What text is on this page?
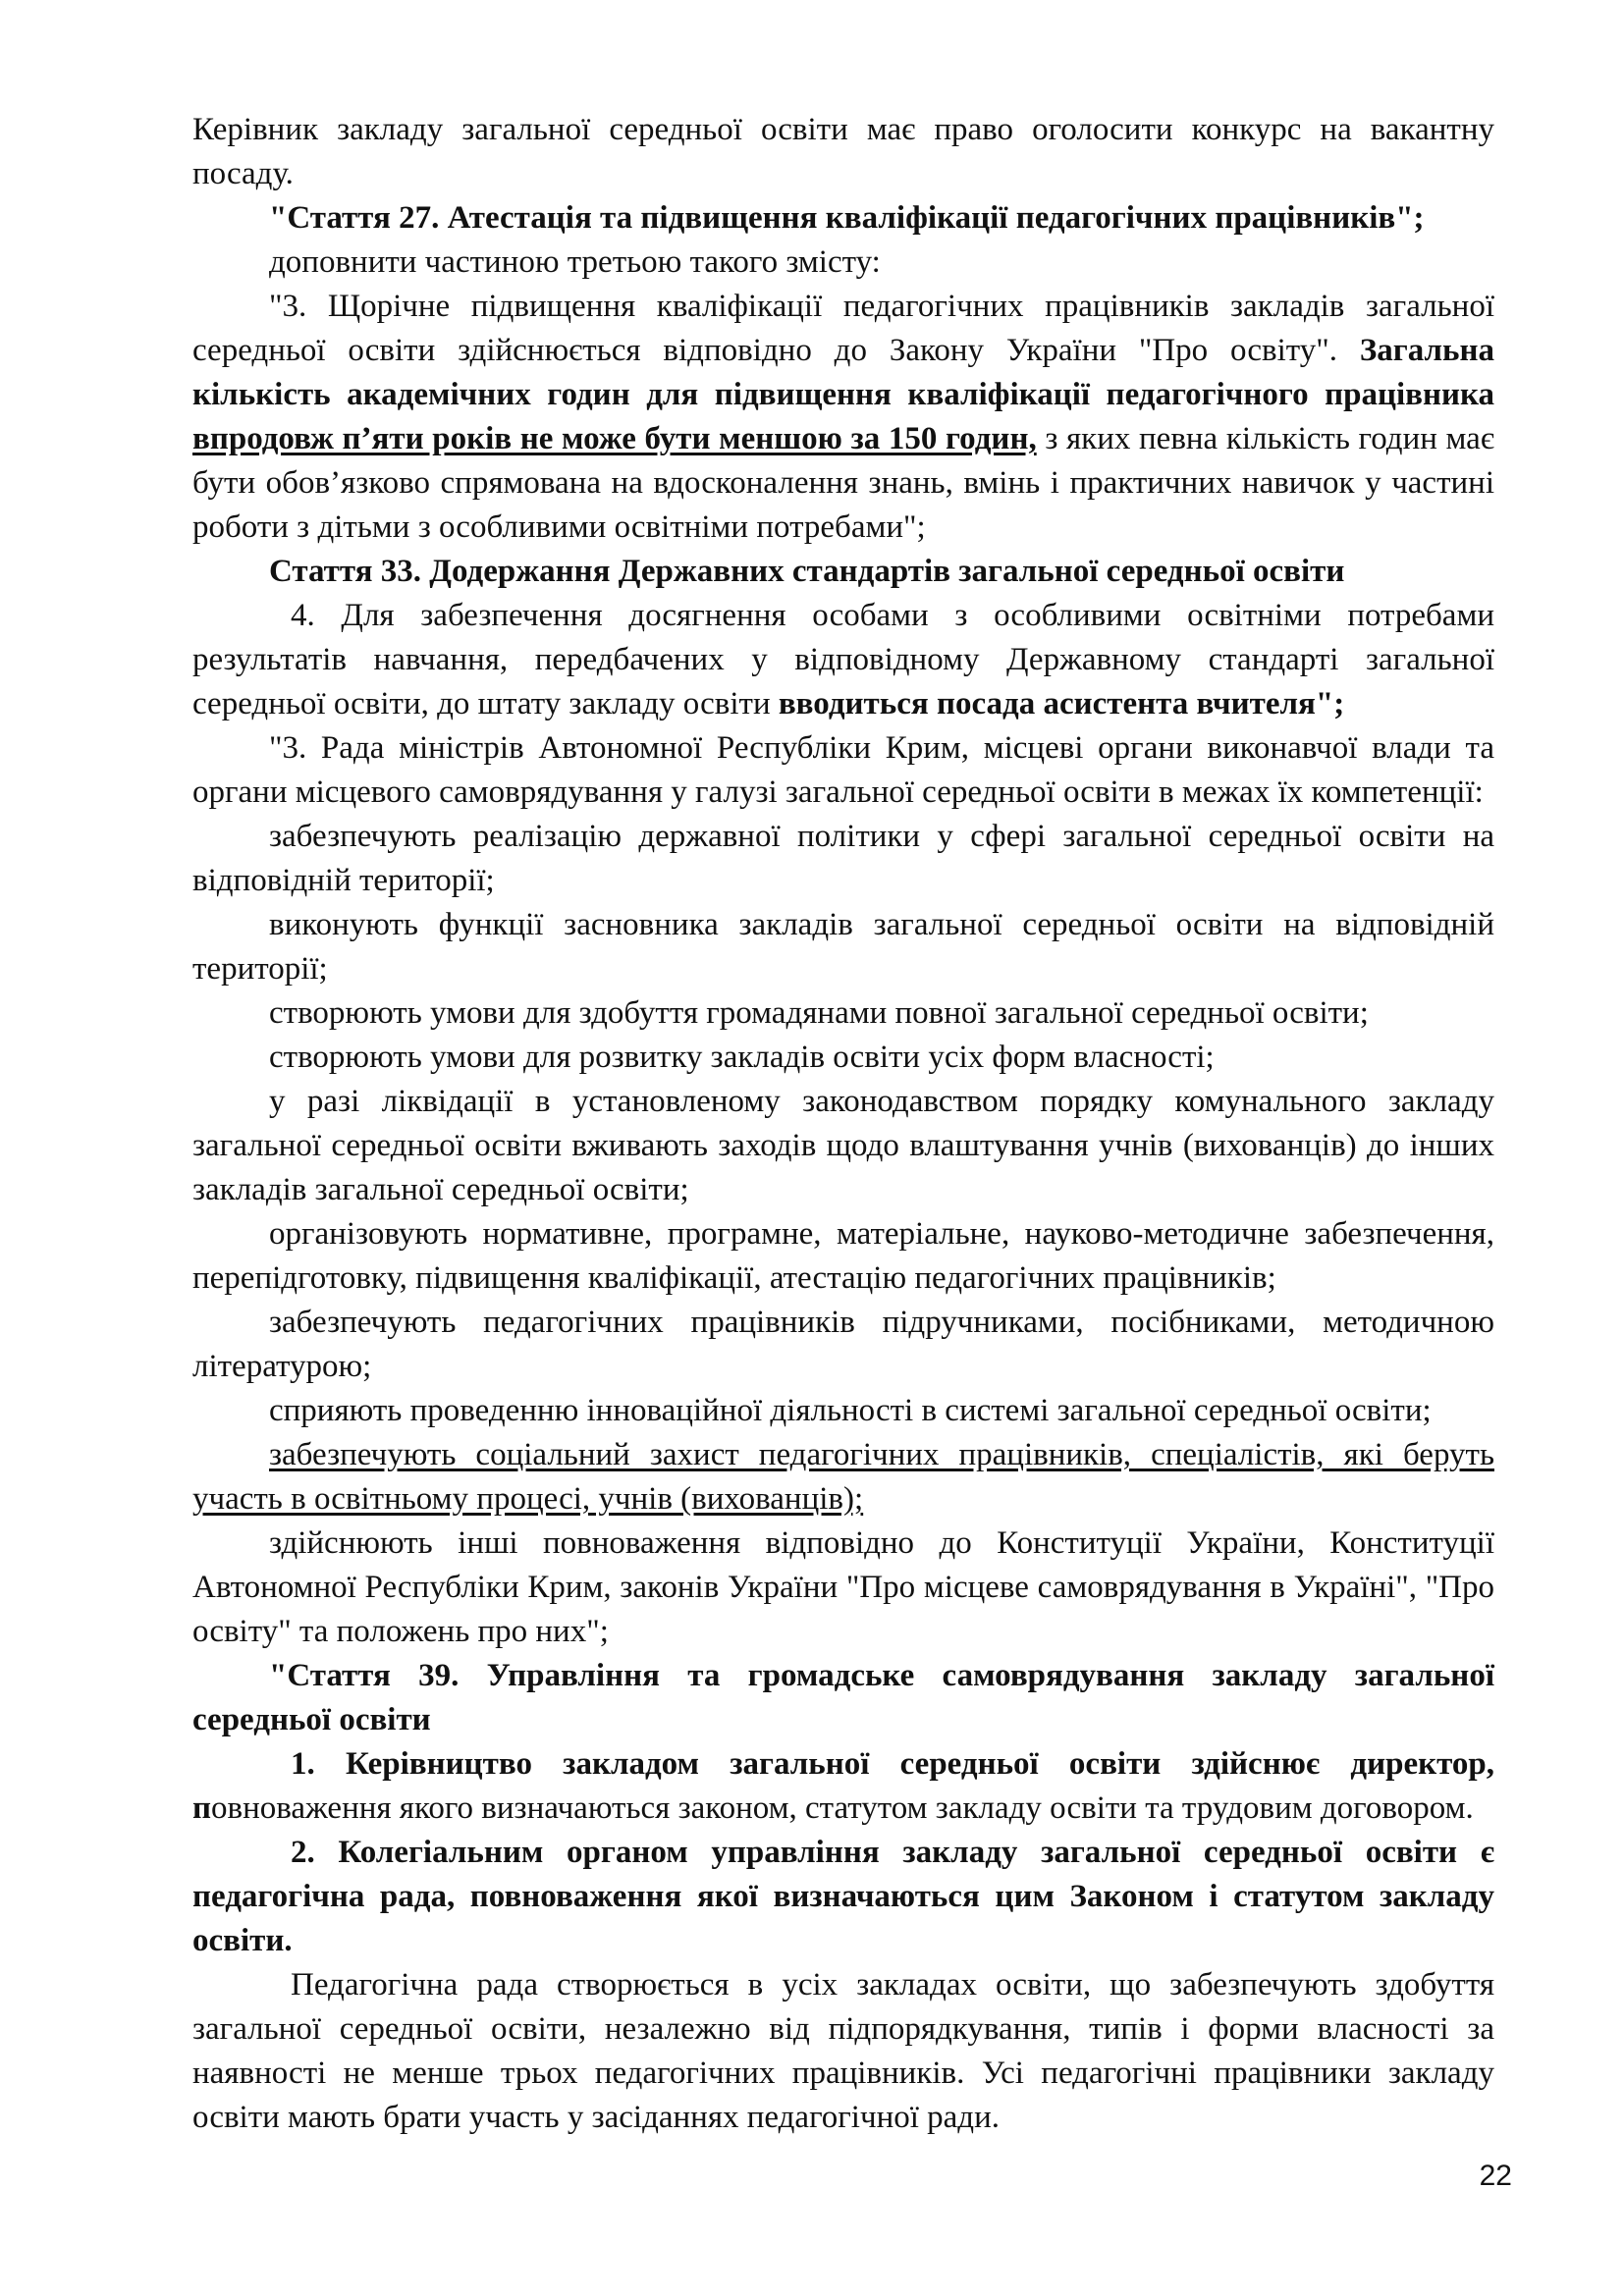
Керівник закладу загальної середньої освіти має право оголосити конкурс на вакантну посаду.

"Стаття 27. Атестація та підвищення кваліфікації педагогічних працівників";

доповнити частиною третьою такого змісту:

"3. Щорічне підвищення кваліфікації педагогічних працівників закладів загальної середньої освіти здійснюється відповідно до Закону України "Про освіту". Загальна кількість академічних годин для підвищення кваліфікації педагогічного працівника впродовж п’яти років не може бути меншою за 150 годин, з яких певна кількість годин має бути обов’язково спрямована на вдосконалення знань, вмінь і практичних навичок у частині роботи з дітьми з особливими освітніми потребами";

Стаття 33. Додержання Державних стандартів загальної середньої освіти

4. Для забезпечення досягнення особами з особливими освітніми потребами результатів навчання, передбачених у відповідному Державному стандарті загальної середньої освіти, до штату закладу освіти вводиться посада асистента вчителя";

"3. Рада міністрів Автономної Республіки Крим, місцеві органи виконавчої влади та органи місцевого самоврядування у галузі загальної середньої освіти в межах їх компетенції:

забезпечують реалізацію державної політики у сфері загальної середньої освіти на відповідній території;

виконують функції засновника закладів загальної середньої освіти на відповідній території;

створюють умови для здобуття громадянами повної загальної середньої освіти;

створюють умови для розвитку закладів освіти усіх форм власності;

у разі ліквідації в установленому законодавством порядку комунального закладу загальної середньої освіти вживають заходів щодо влаштування учнів (вихованців) до інших закладів загальної середньої освіти;

організовують нормативне, програмне, матеріальне, науково-методичне забезпечення, перепідготовку, підвищення кваліфікації, атестацію педагогічних працівників;

забезпечують педагогічних працівників підручниками, посібниками, методичною літературою;

сприяють проведенню інноваційної діяльності в системі загальної середньої освіти;

забезпечують соціальний захист педагогічних працівників, спеціалістів, які беруть участь в освітньому процесі, учнів (вихованців);

здійснюють інші повноваження відповідно до Конституції України, Конституції Автономної Республіки Крим, законів України "Про місцеве самоврядування в Україні", "Про освіту" та положень про них";

"Стаття 39. Управління та громадське самоврядування закладу загальної середньої освіти

1. Керівництво закладом загальної середньої освіти здійснює директор, повноваження якого визначаються законом, статутом закладу освіти та трудовим договором.

2. Колегіальним органом управління закладу загальної середньої освіти є педагогічна рада, повноваження якої визначаються цим Законом і статутом закладу освіти.

Педагогічна рада створюється в усіх закладах освіти, що забезпечують здобуття загальної середньої освіти, незалежно від підпорядкування, типів і форми власності за наявності не менше трьох педагогічних працівників. Усі педагогічні працівники закладу освіти мають брати участь у засіданнях педагогічної ради.

22
